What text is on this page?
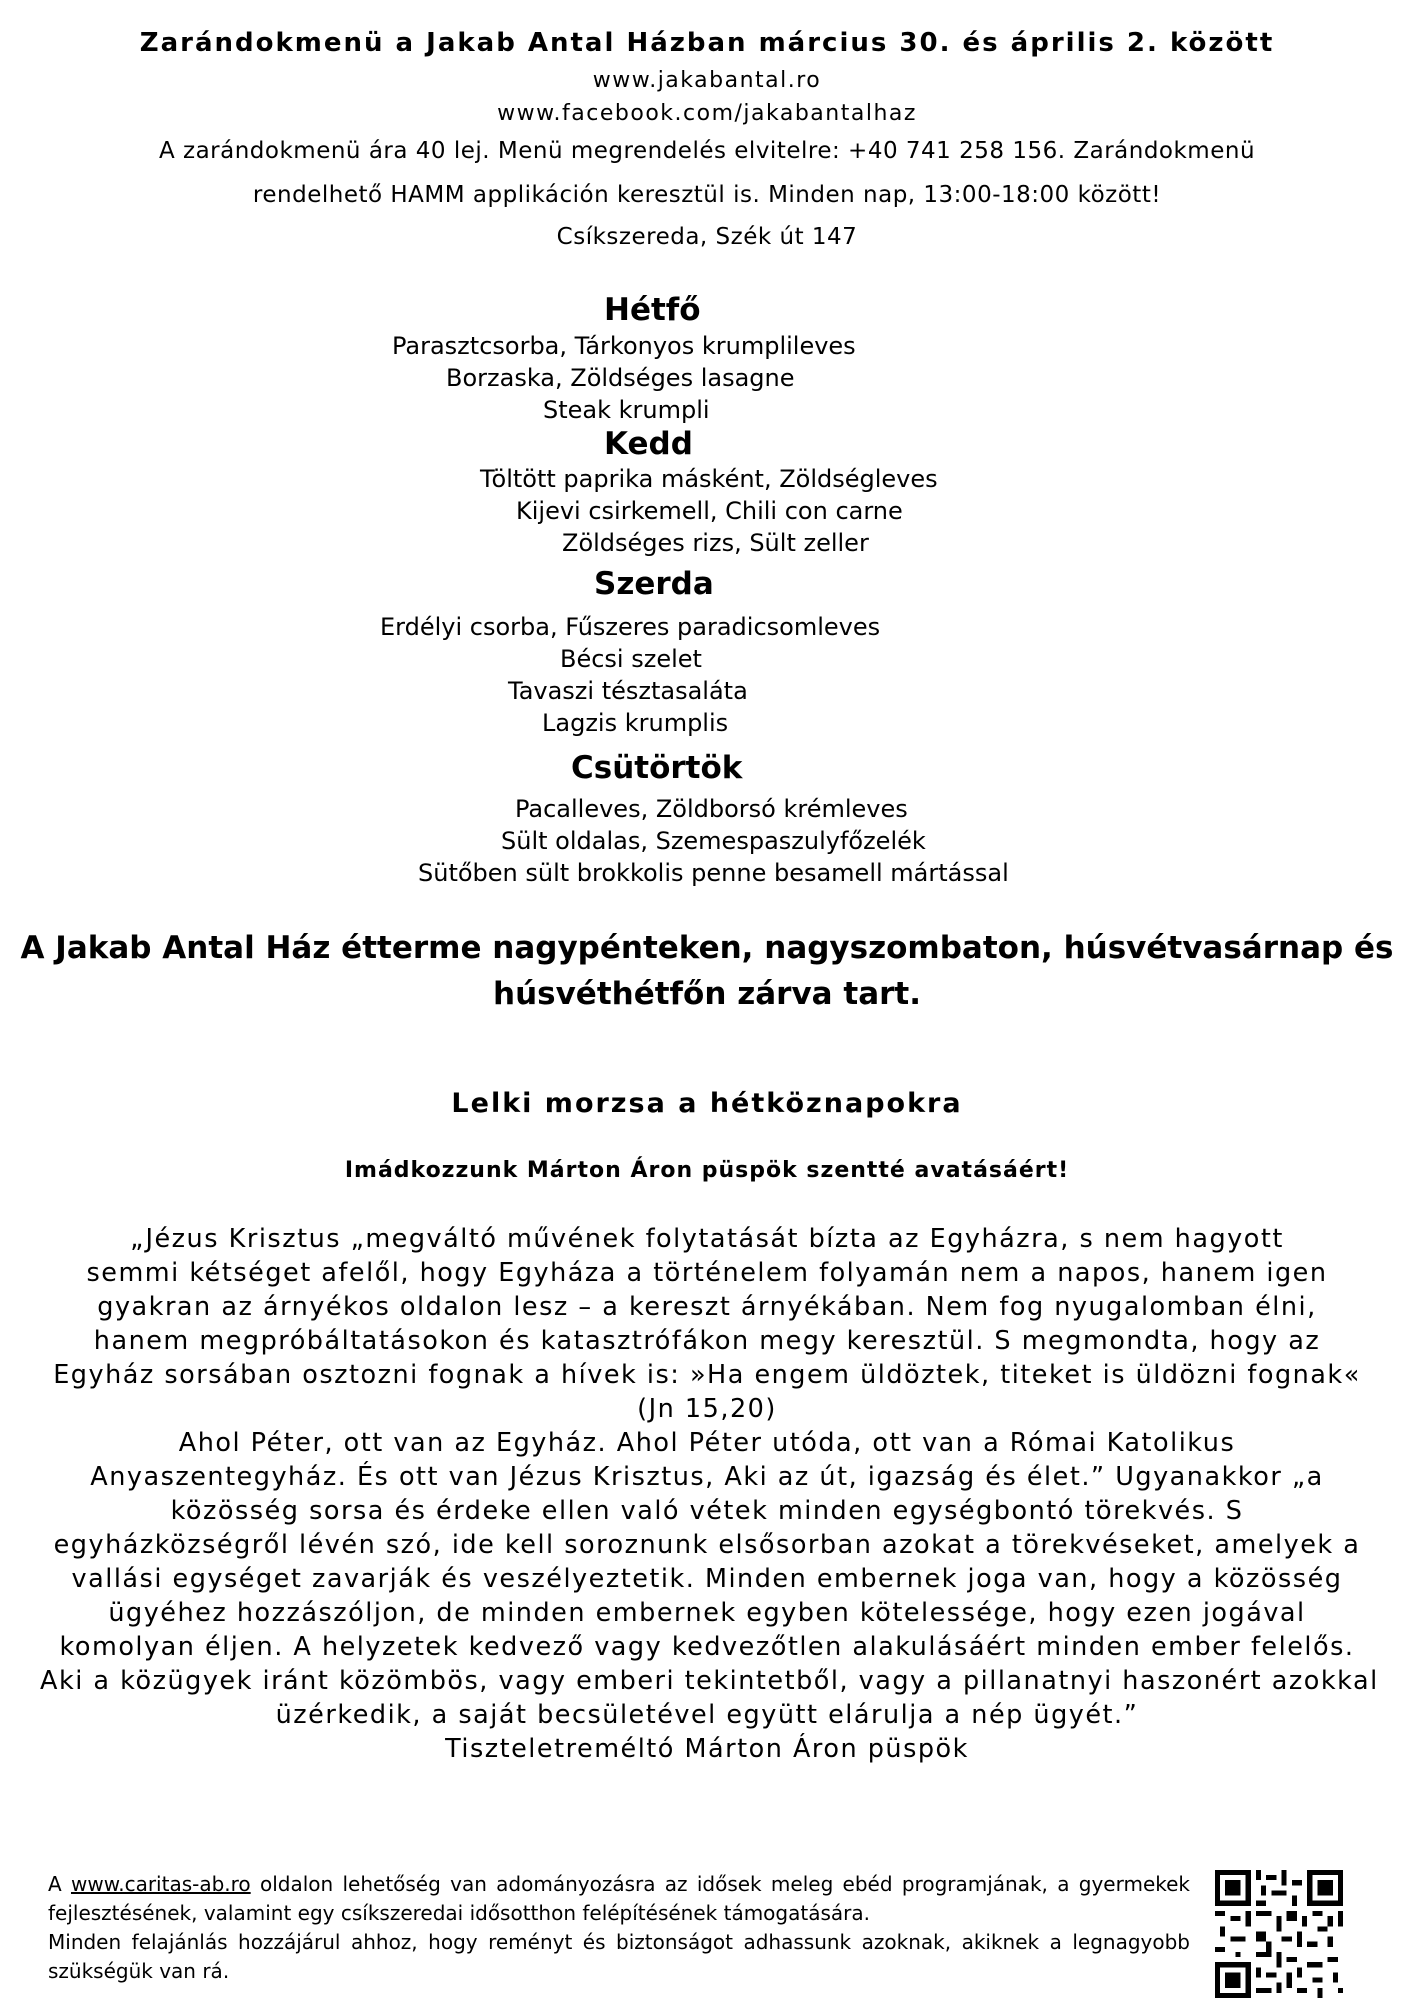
Zarándokmenü a Jakab Antal Házban március 30. és április 2. között
www.jakabantal.ro
www.facebook.com/jakabantalhaz
A zarándokmenü ára 40 lej. Menü megrendelés elvitelre: +40 741 258 156. Zarándokmenü
rendelhető HAMM applikáción keresztül is. Minden nap, 13:00-18:00 között!
Csíkszereda, Szék út 147
Hétfő
Parasztcsorba, Tárkonyos krumplileves
Borzaska, Zöldséges lasagne
Steak krumpli
Kedd
Töltött paprika másként, Zöldségleves
Kijevi csirkemell, Chili con carne
Zöldséges rizs, Sült zeller
Szerda
Erdélyi csorba, Fűszeres paradicsomleves
Bécsi szelet
Tavaszi tésztasaláta
Lagzis krumplis
Csütörtök
Pacalleves, Zöldborsó krémleves
Sült oldalas, Szemespaszulyfőzelék
Sütőben sült brokkolis penne besamell mártással
A Jakab Antal Ház étterme nagypénteken, nagyszombaton, húsvétvasárnap és
húsvéthétfőn zárva tart.
Lelki morzsa a hétköznapokra
Imádkozzunk Márton Áron püspök szentté avatásáért!
„Jézus Krisztus „megváltó művének folytatását bízta az Egyházra, s nem hagyott
semmi kétséget afelől, hogy Egyháza a történelem folyamán nem a napos, hanem igen
gyakran az árnyékos oldalon lesz – a kereszt árnyékában. Nem fog nyugalomban élni,
hanem megpróbáltatásokon és katasztrófákon megy keresztül. S megmondta, hogy az
Egyház sorsában osztozni fognak a hívek is: »Ha engem üldöztek, titeket is üldözni fognak«
(Jn 15,20)
Ahol Péter, ott van az Egyház. Ahol Péter utóda, ott van a Római Katolikus
Anyaszentegyház. És ott van Jézus Krisztus, Aki az út, igazság és élet.” Ugyanakkor „a
közösség sorsa és érdeke ellen való vétek minden egységbontó törekvés. S
egyházközségről lévén szó, ide kell soroznunk elsősorban azokat a törekvéseket, amelyek a
vallási egységet zavarják és veszélyeztetik. Minden embernek joga van, hogy a közösség
ügyéhez hozzászóljon, de minden embernek egyben kötelessége, hogy ezen jogával
komolyan éljen. A helyzetek kedvező vagy kedvezőtlen alakulásáért minden ember felelős.
Aki a közügyek iránt közömbös, vagy emberi tekintetből, vagy a pillanatnyi haszonért azokkal
üzérkedik, a saját becsületével együtt elárulja a nép ügyét.”
Tiszteletreméltó Márton Áron püspök
A www.caritas-ab.ro oldalon lehetőség van adományozásra az idősek meleg ebéd programjának, a gyermekek fejlesztésének, valamint egy csíkszeredai idősotthon felépítésének támogatására.
Minden felajánlás hozzájárul ahhoz, hogy reményt és biztonságot adhassunk azoknak, akiknek a legnagyobb szükségük van rá.
